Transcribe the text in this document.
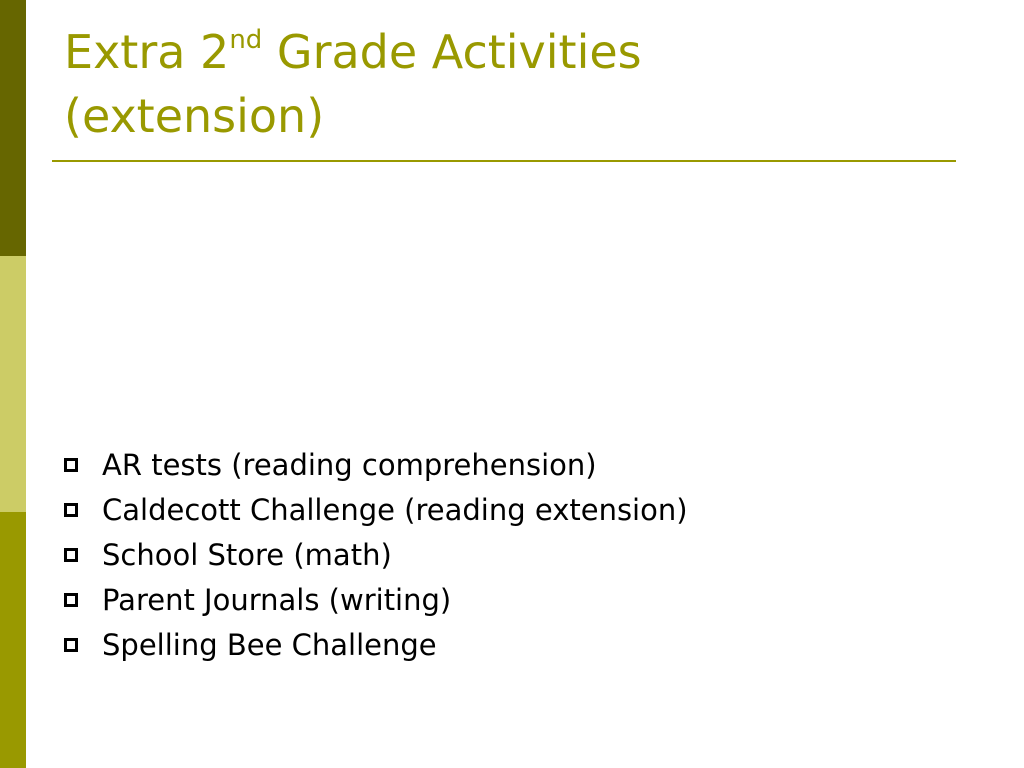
Extra 2nd Grade Activities
(extension)
AR tests (reading comprehension)
Caldecott Challenge (reading extension)
School Store (math)
Parent Journals (writing)
Spelling Bee Challenge
